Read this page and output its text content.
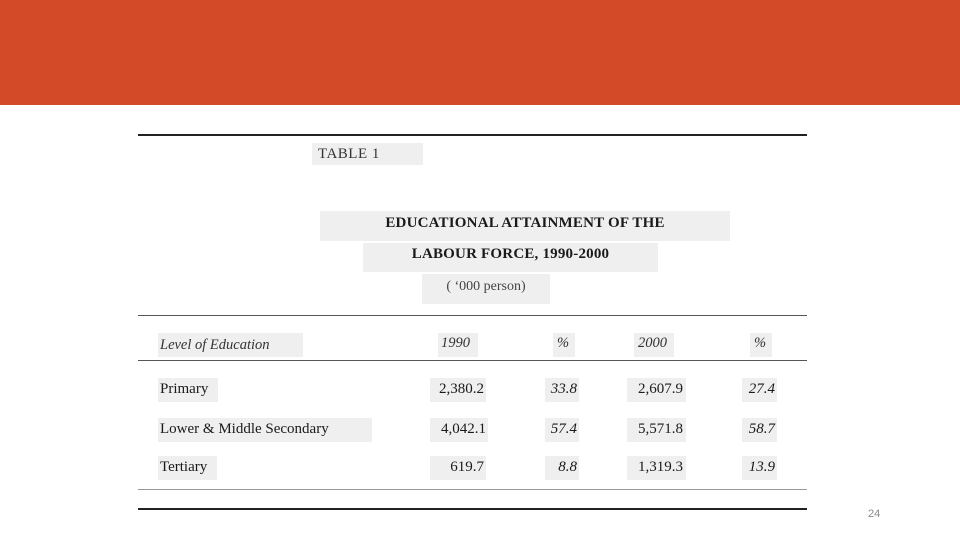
TABLE 1
EDUCATIONAL ATTAINMENT OF THE
LABOUR FORCE, 1990-2000
( ‘000 person)
Level of Education	1990	%	2000	%
Primary	2,380.2	33.8	2,607.9	27.4
Lower & Middle Secondary	4,042.1	57.4	5,571.8	58.7
Tertiary	619.7	8.8	1,319.3	13.9
24
